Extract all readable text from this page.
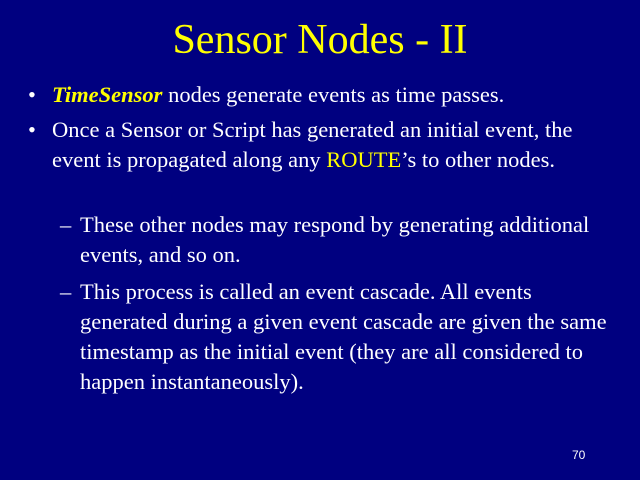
Sensor Nodes - II
• TimeSensor nodes generate events as time passes.
• Once a Sensor or Script has generated an initial event, the event is propagated along any ROUTE’s to other nodes.
– These other nodes may respond by generating additional events, and so on.
– This process is called an event cascade. All events generated during a given event cascade are given the same timestamp as the initial event (they are all considered to happen instantaneously).
70
